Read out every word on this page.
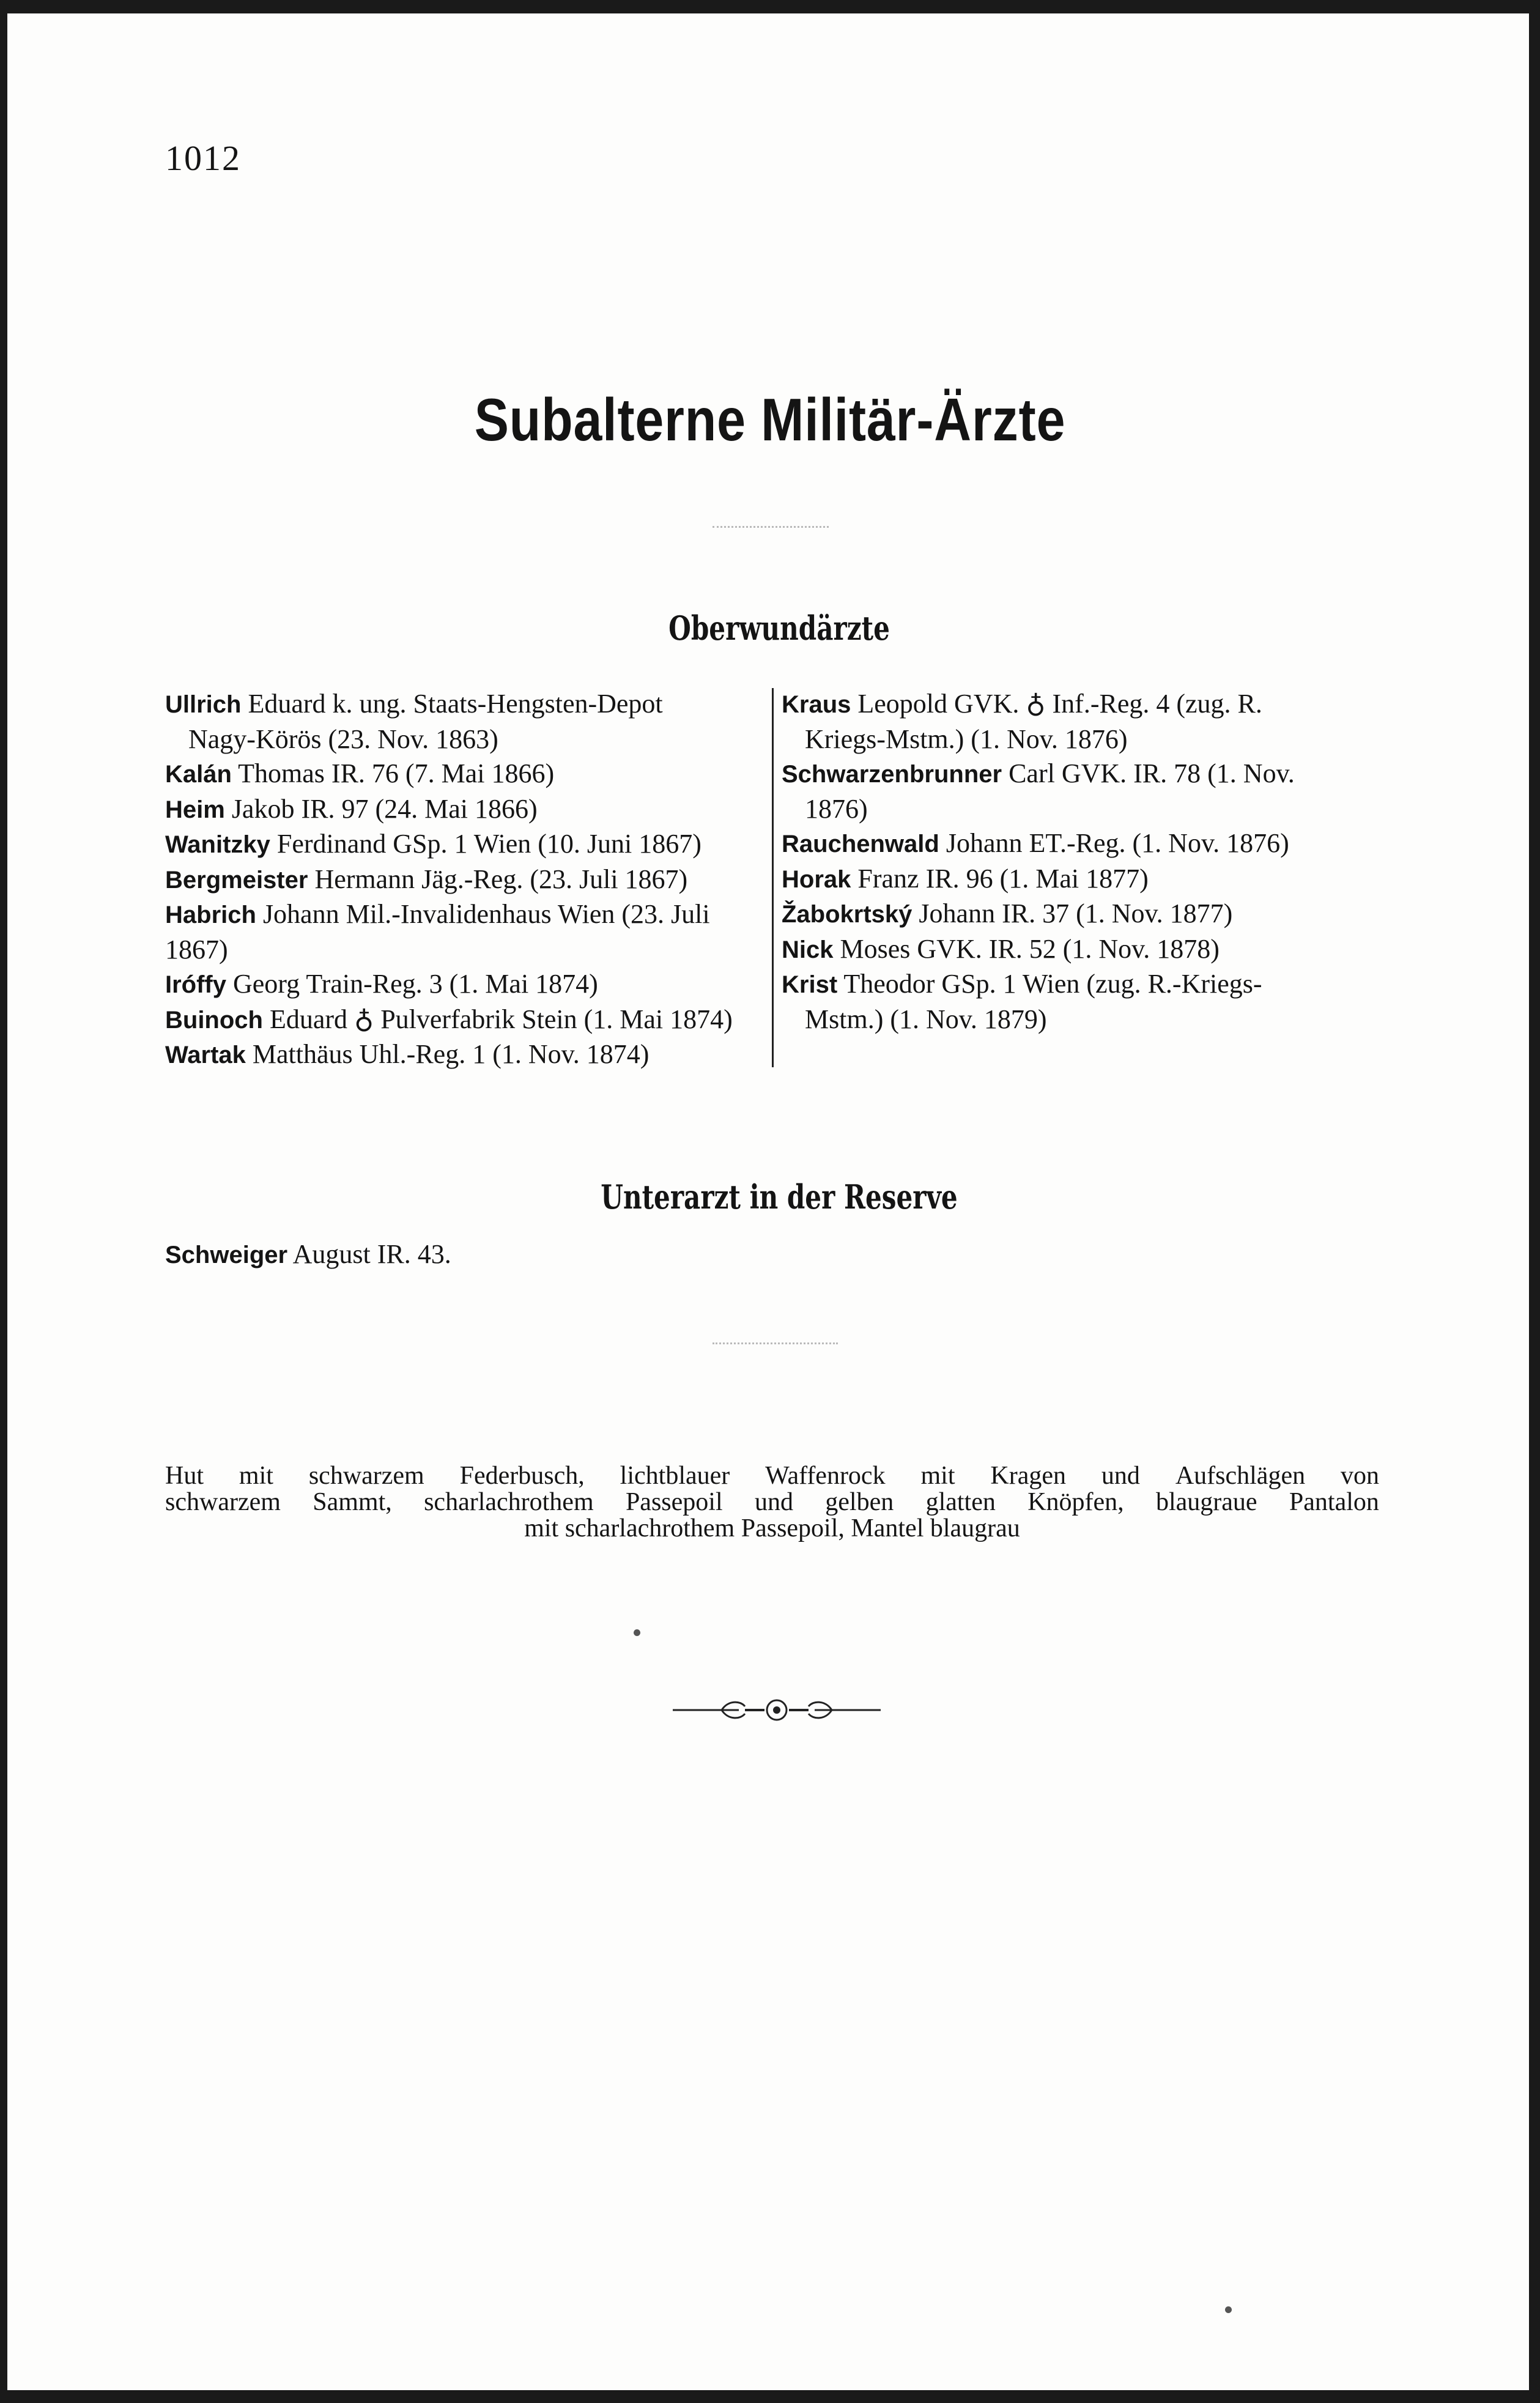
1012
Subalterne Militär-Ärzte
Oberwundärzte
Ullrich Eduard k. ung. Staats-Hengsten-Depot
Nagy-Körös (23. Nov. 1863)
Kalán Thomas IR. 76 (7. Mai 1866)
Heim Jakob IR. 97 (24. Mai 1866)
Wanitzky Ferdinand GSp. 1 Wien (10. Juni 1867)
Bergmeister Hermann Jäg.-Reg. (23. Juli 1867)
Habrich Johann Mil.-Invalidenhaus Wien (23. Juli
1867)
Iróffy Georg Train-Reg. 3 (1. Mai 1874)
Buinoch Eduard ♁ Pulverfabrik Stein (1. Mai 1874)
Wartak Matthäus Uhl.-Reg. 1 (1. Nov. 1874)
Kraus Leopold GVK. ♁ Inf.-Reg. 4 (zug. R.
Kriegs-Mstm.) (1. Nov. 1876)
Schwarzenbrunner Carl GVK. IR. 78 (1. Nov.
1876)
Rauchenwald Johann ET.-Reg. (1. Nov. 1876)
Horak Franz IR. 96 (1. Mai 1877)
Žabokrtský Johann IR. 37 (1. Nov. 1877)
Nick Moses GVK. IR. 52 (1. Nov. 1878)
Krist Theodor GSp. 1 Wien (zug. R.-Kriegs-
Mstm.) (1. Nov. 1879)
Unterarzt in der Reserve
Schweiger August IR. 43.
Hut mit schwarzem Federbusch, lichtblauer Waffenrock mit Kragen und Aufschlägen von
schwarzem Sammt, scharlachrothem Passepoil und gelben glatten Knöpfen, blaugraue Pantalon
mit scharlachrothem Passepoil, Mantel blaugrau
